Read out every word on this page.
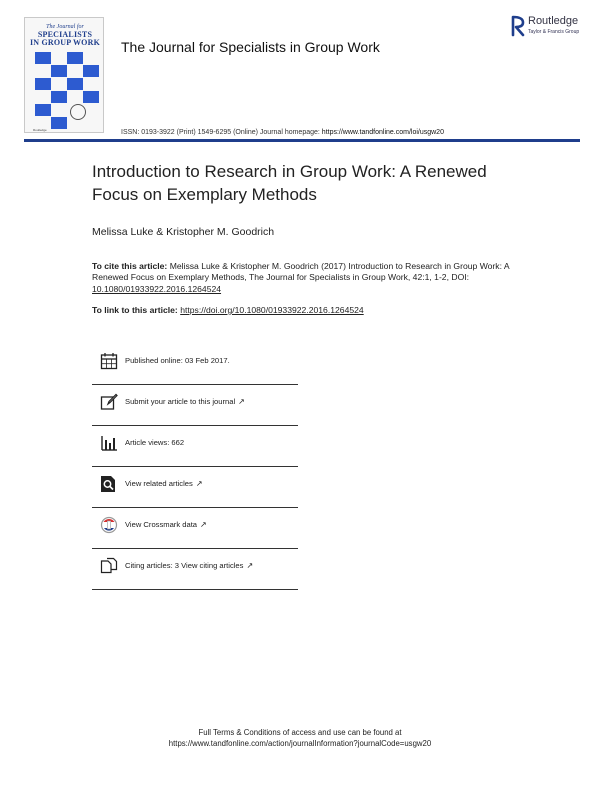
The Journal for
SPECIALISTS
IN GROUP WORK
Routledge
Routledge
Taylor & Francis Group
The Journal for Specialists in Group Work
ISSN: 0193-3922 (Print) 1549-6295 (Online) Journal homepage: https://www.tandfonline.com/loi/usgw20
Introduction to Research in Group Work: A Renewed Focus on Exemplary Methods
Melissa Luke & Kristopher M. Goodrich
To cite this article: Melissa Luke & Kristopher M. Goodrich (2017) Introduction to Research in Group Work: A Renewed Focus on Exemplary Methods, The Journal for Specialists in Group Work, 42:1, 1-2, DOI: 10.1080/01933922.2016.1264524
To link to this article: https://doi.org/10.1080/01933922.2016.1264524
Published online: 03 Feb 2017.
Submit your article to this journal ↗
Article views: 662
View related articles ↗
View Crossmark data ↗
Citing articles: 3 View citing articles ↗
Full Terms & Conditions of access and use can be found at
https://www.tandfonline.com/action/journalInformation?journalCode=usgw20
